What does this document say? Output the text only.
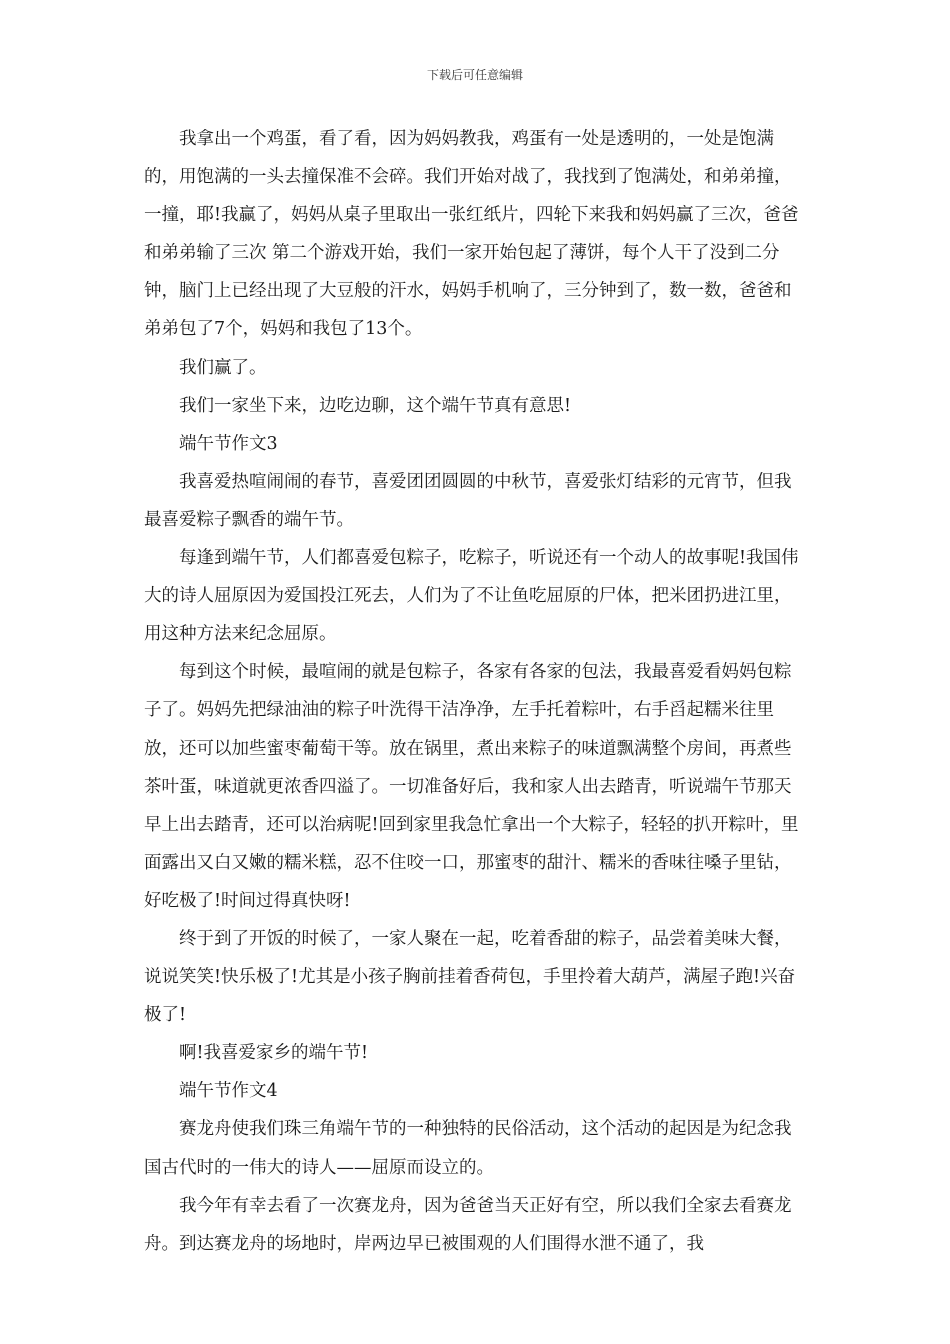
下载后可任意编辑

我拿出一个鸡蛋，看了看，因为妈妈教我，鸡蛋有一处是透明的，一处是饱满的，用饱满的一头去撞保准不会碎。我们开始对战了，我找到了饱满处，和弟弟撞，一撞，耶!我赢了，妈妈从桌子里取出一张红纸片，四轮下来我和妈妈赢了三次，爸爸和弟弟输了三次 第二个游戏开始，我们一家开始包起了薄饼，每个人干了没到二分钟，脑门上已经出现了大豆般的汗水，妈妈手机响了，三分钟到了，数一数，爸爸和弟弟包了7个，妈妈和我包了13个。

我们赢了。

我们一家坐下来，边吃边聊，这个端午节真有意思!

端午节作文3

我喜爱热喧闹闹的春节，喜爱团团圆圆的中秋节，喜爱张灯结彩的元宵节，但我最喜爱粽子飘香的端午节。

每逢到端午节，人们都喜爱包粽子，吃粽子，听说还有一个动人的故事呢!我国伟大的诗人屈原因为爱国投江死去，人们为了不让鱼吃屈原的尸体，把米团扔进江里，用这种方法来纪念屈原。

每到这个时候，最喧闹的就是包粽子，各家有各家的包法，我最喜爱看妈妈包粽子了。妈妈先把绿油油的粽子叶洗得干洁净净，左手托着粽叶，右手舀起糯米往里放，还可以加些蜜枣葡萄干等。放在锅里，煮出来粽子的味道飘满整个房间，再煮些茶叶蛋，味道就更浓香四溢了。一切准备好后，我和家人出去踏青，听说端午节那天早上出去踏青，还可以治病呢!回到家里我急忙拿出一个大粽子，轻轻的扒开粽叶，里面露出又白又嫩的糯米糕，忍不住咬一口，那蜜枣的甜汁、糯米的香味往嗓子里钻，好吃极了!时间过得真快呀!

终于到了开饭的时候了，一家人聚在一起，吃着香甜的粽子，品尝着美味大餐，说说笑笑!快乐极了!尤其是小孩子胸前挂着香荷包，手里拎着大葫芦，满屋子跑!兴奋极了!

啊!我喜爱家乡的端午节!

端午节作文4

赛龙舟使我们珠三角端午节的一种独特的民俗活动，这个活动的起因是为纪念我国古代时的一伟大的诗人——屈原而设立的。

我今年有幸去看了一次赛龙舟，因为爸爸当天正好有空，所以我们全家去看赛龙舟。到达赛龙舟的场地时，岸两边早已被围观的人们围得水泄不通了，我
